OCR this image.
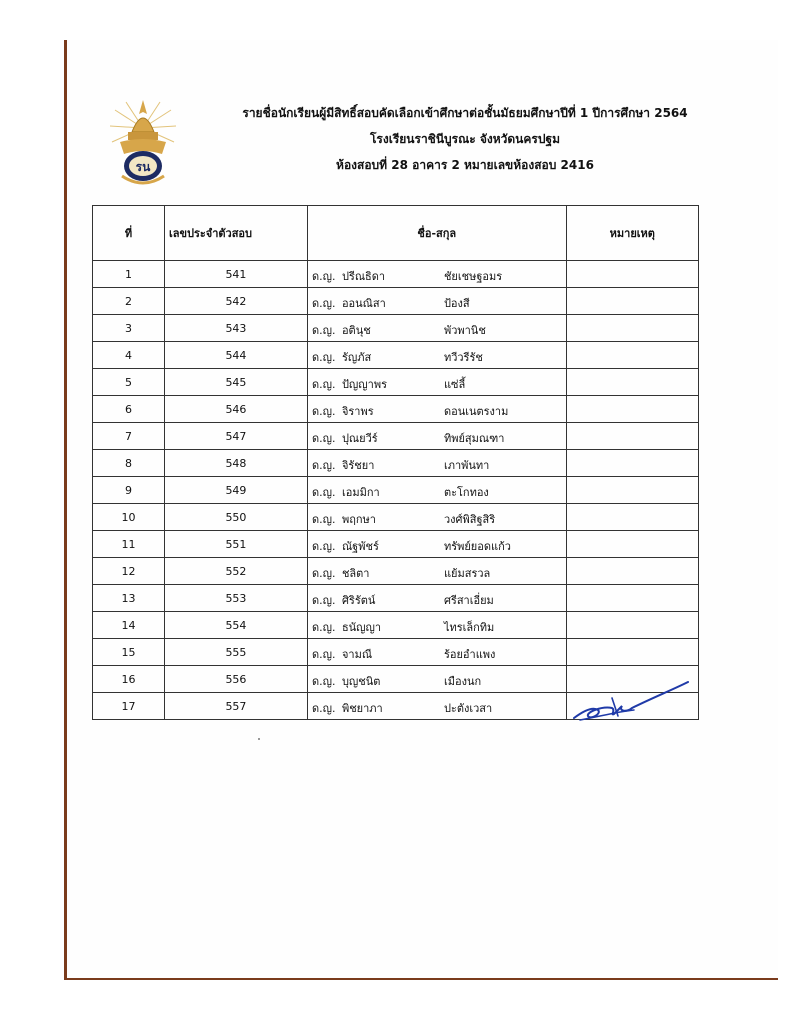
รน
รายชื่อนักเรียนผู้มีสิทธิ์สอบคัดเลือกเข้าศึกษาต่อชั้นมัธยมศึกษาปีที่ 1 ปีการศึกษา 2564
โรงเรียนราชินีบูรณะ จังหวัดนครปฐม
ห้องสอบที่ 28 อาคาร 2 หมายเลขห้องสอบ 2416
ที่	เลขประจำตัวสอบ	ชื่อ-สกุล	หมายเหตุ
1	541	ด.ญ. ปรีณธิดา ชัยเชษฐอมร	

2	542	ด.ญ. ออนณิสา ป้องสี	

3	543	ด.ญ. อตินุช พัวพานิช	

4	544	ด.ญ. รัญภัส ทวีวรีรัช	

5	545	ด.ญ. ปัญญาพร แซ่ลี้	

6	546	ด.ญ. จิราพร ดอนเนตรงาม	

7	547	ด.ญ. ปุณยวีร์ ทิพย์สุมณฑา	

8	548	ด.ญ. จิรัชยา เภาพันทา	

9	549	ด.ญ. เอมมิกา ตะโกทอง	

10	550	ด.ญ. พฤกษา วงศ์พิสิฐสิริ	

11	551	ด.ญ. ณัฐพัชร์ ทรัพย์ยอดแก้ว	

12	552	ด.ญ. ชลิตา แย้มสรวล	

13	553	ด.ญ. ศิริรัตน์ ศรีสาเอี่ยม	

14	554	ด.ญ. ธนัญญา ไทรเล็กทิม	

15	555	ด.ญ. จามณี ร้อยอำแพง	

16	556	ด.ญ. บุญชนิต เมืองนก	

17	557	ด.ญ. พิชยาภา ปะตังเวสา	
